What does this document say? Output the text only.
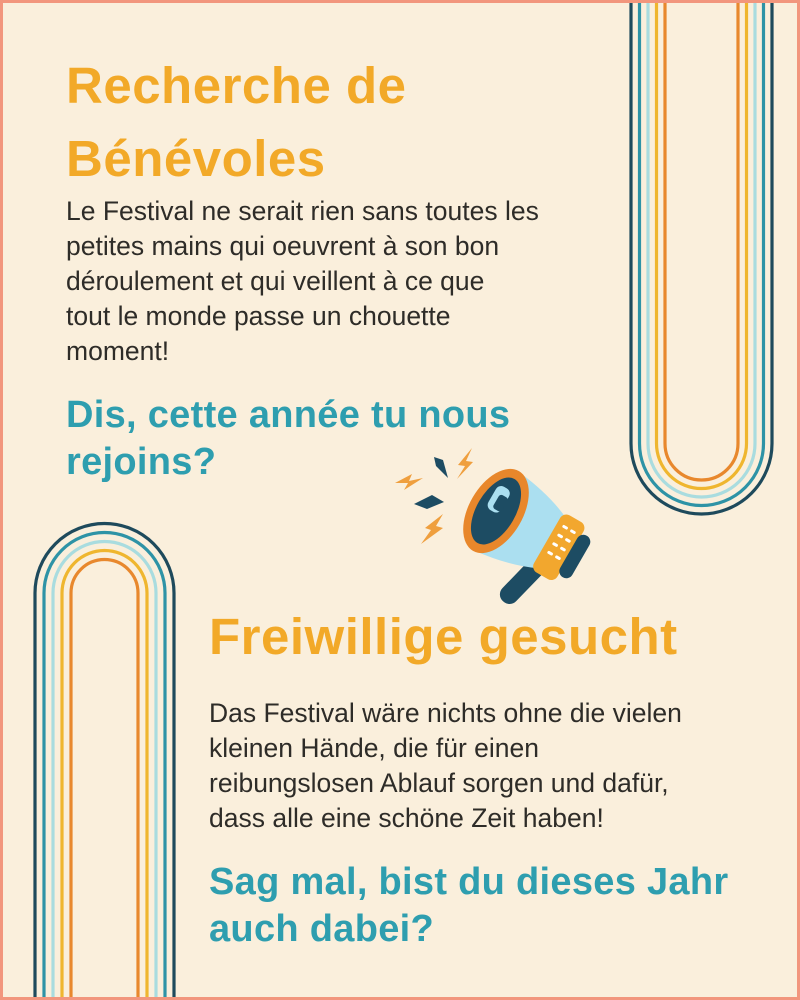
Recherche de
Bénévoles
Le Festival ne serait rien sans toutes les
petites mains qui oeuvrent à son bon
déroulement et qui veillent à ce que
tout le monde passe un chouette
moment!
Dis, cette année tu nous
rejoins?
Freiwillige gesucht
Das Festival wäre nichts ohne die vielen
kleinen Hände, die für einen
reibungslosen Ablauf sorgen und dafür,
dass alle eine schöne Zeit haben!
Sag mal, bist du dieses Jahr
auch dabei?
